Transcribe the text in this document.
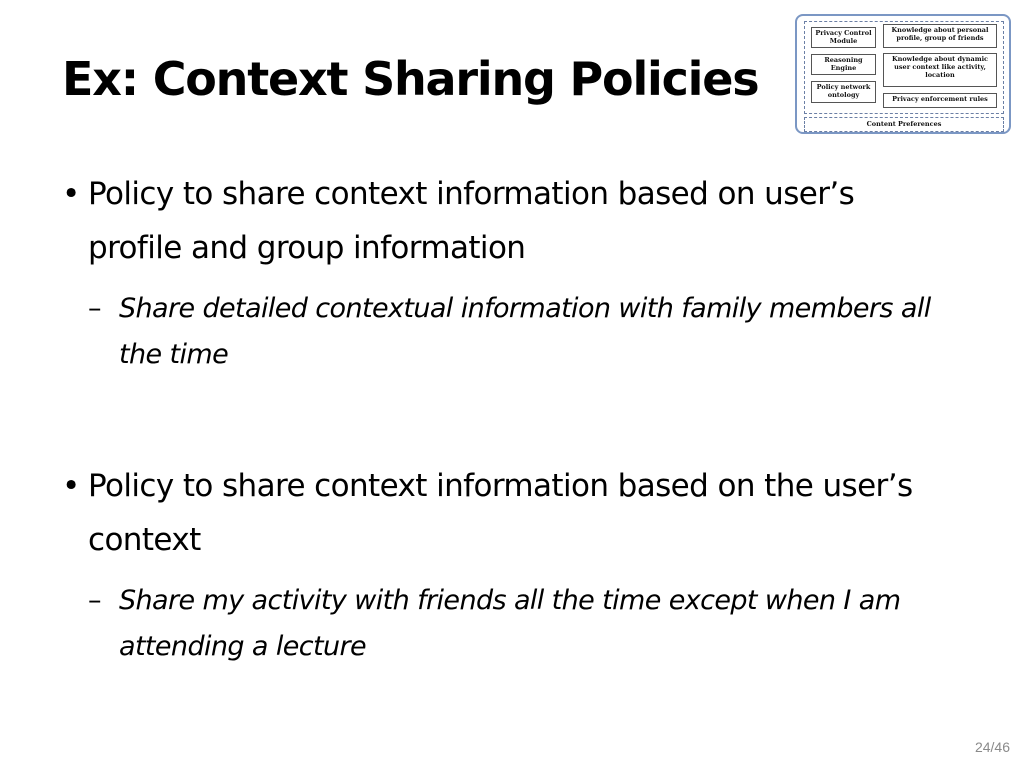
Ex: Context Sharing Policies
Privacy Control Module
Knowledge about personal profile, group of friends
Reasoning Engine
Knowledge about dynamic user context like activity, location
Policy network ontology	Privacy enforcement rules
Content Preferences
• Policy to share context information based on user’s profile and group information
– Share detailed contextual information with family members all the time
• Policy to share context information based on the user’s context
– Share my activity with friends all the time except when I am attending a lecture
24/46
